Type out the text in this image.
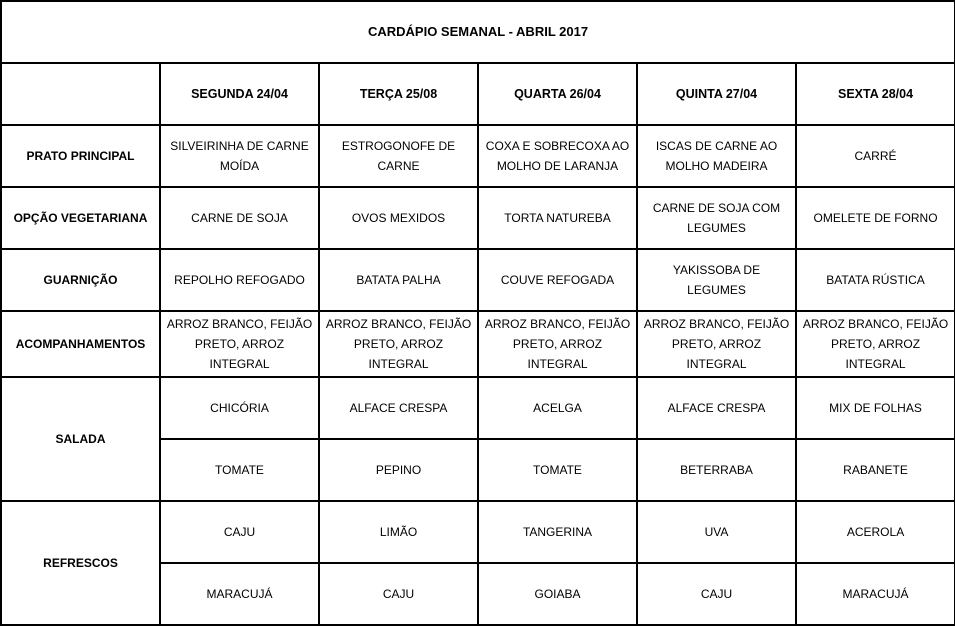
CARDÁPIO SEMANAL - ABRIL 2017					
	SEGUNDA 24/04	TERÇA 25/08	QUARTA 26/04	QUINTA 27/04	SEXTA 28/04
PRATO PRINCIPAL	SILVEIRINHA DE CARNE MOÍDA	ESTROGONOFE DE CARNE	COXA E SOBRECOXA AO MOLHO DE LARANJA	ISCAS DE CARNE AO MOLHO MADEIRA	CARRÉ
OPÇÃO VEGETARIANA	CARNE DE SOJA	OVOS MEXIDOS	TORTA NATUREBA	CARNE DE SOJA COM LEGUMES	OMELETE DE FORNO
GUARNIÇÃO	REPOLHO REFOGADO	BATATA PALHA	COUVE REFOGADA	YAKISSOBA DE LEGUMES	BATATA RÚSTICA
ACOMPANHAMENTOS	ARROZ BRANCO, FEIJÃO PRETO, ARROZ INTEGRAL	ARROZ BRANCO, FEIJÃO PRETO, ARROZ INTEGRAL	ARROZ BRANCO, FEIJÃO PRETO, ARROZ INTEGRAL	ARROZ BRANCO, FEIJÃO PRETO, ARROZ INTEGRAL	ARROZ BRANCO, FEIJÃO PRETO, ARROZ INTEGRAL
SALADA	CHICÓRIA	ALFACE CRESPA	ACELGA	ALFACE CRESPA	MIX DE FOLHAS
	TOMATE	PEPINO	TOMATE	BETERRABA	RABANETE
REFRESCOS	CAJU	LIMÃO	TANGERINA	UVA	ACEROLA
	MARACUJÁ	CAJU	GOIABA	CAJU	MARACUJÁ
